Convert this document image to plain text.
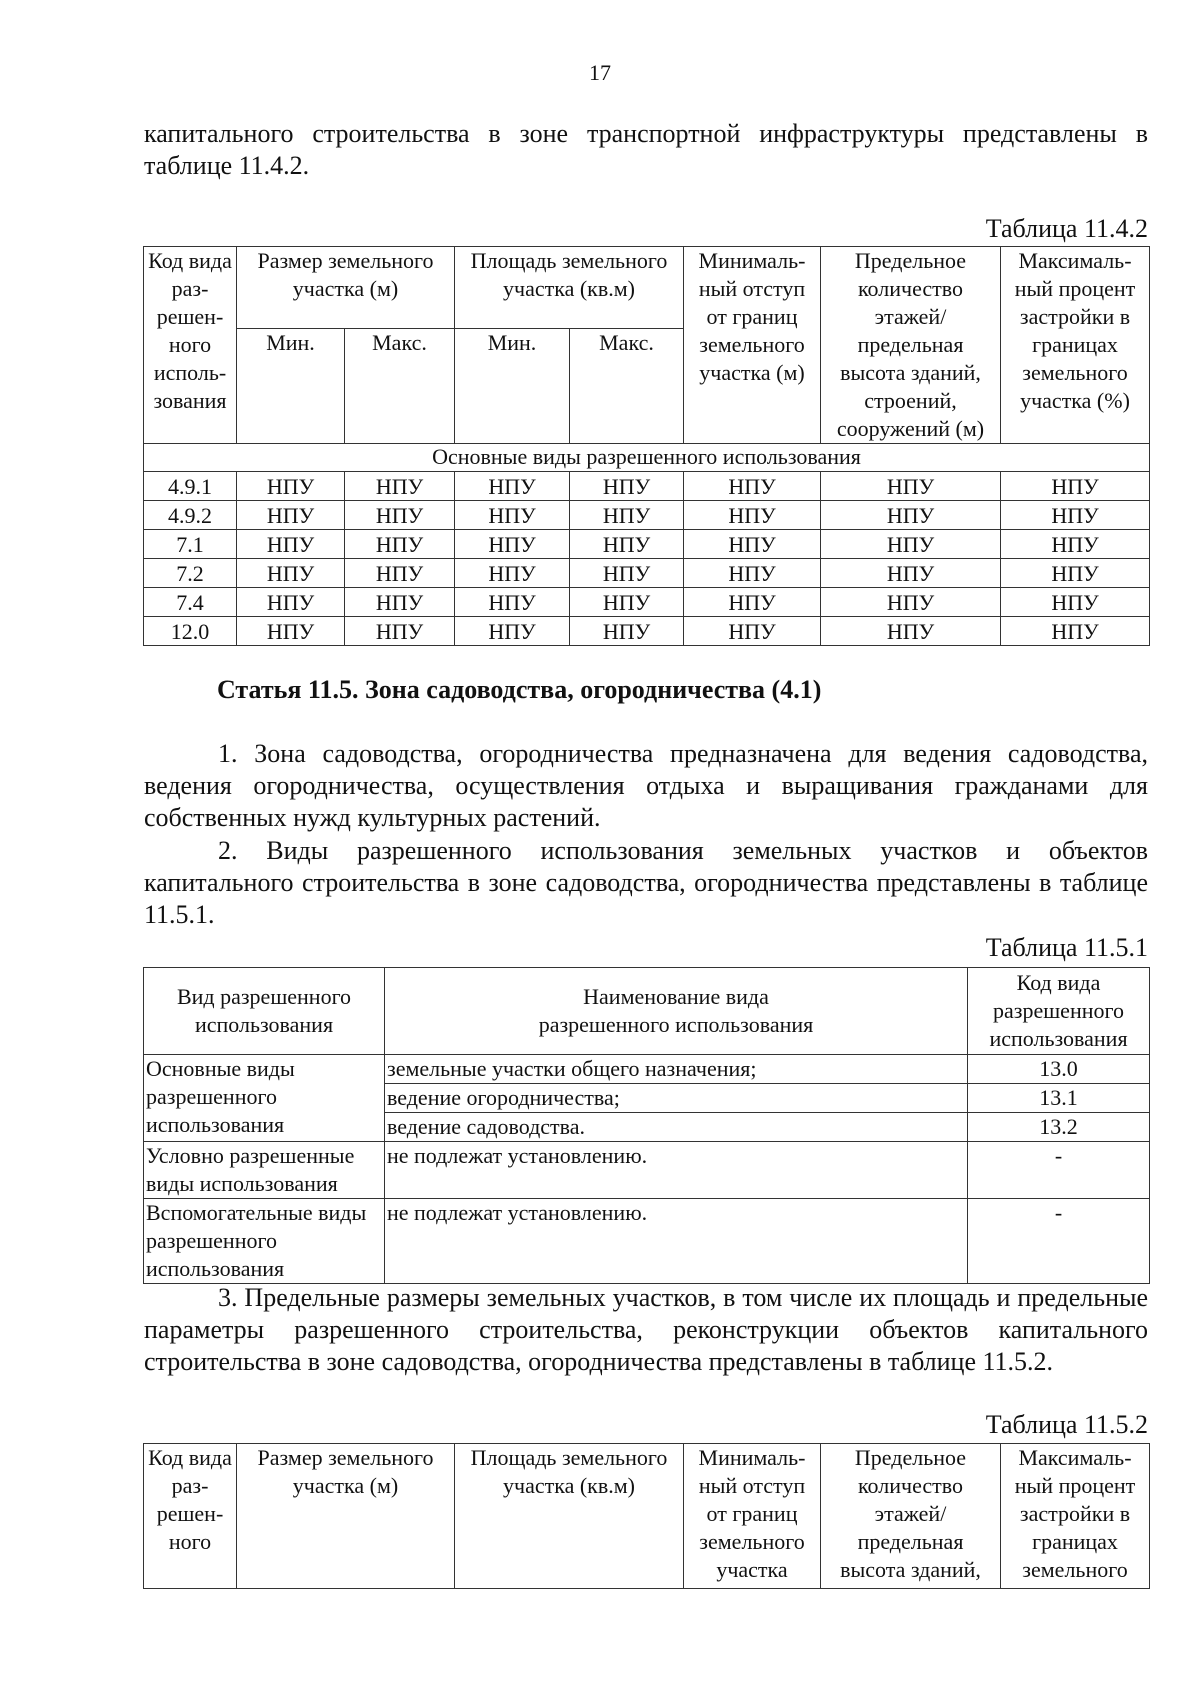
17

капитального строительства в зоне транспортной инфраструктуры представлены в таблице 11.4.2.

Таблица 11.4.2
Код вида раз-решен-ного исполь-зования	Размер земельного участка (м)		Площадь земельного участка (кв.м)		Минималь-ный отступ от границ земельного участка (м)	Предельное количество этажей/ предельная высота зданий, строений, сооружений (м)	Максималь-ный процент застройки в границах земельного участка (%)
	Мин.	Макс.	Мин.	Макс.			
Основные виды разрешенного использования							
4.9.1	НПУ	НПУ	НПУ	НПУ	НПУ	НПУ	НПУ
4.9.2	НПУ	НПУ	НПУ	НПУ	НПУ	НПУ	НПУ
7.1	НПУ	НПУ	НПУ	НПУ	НПУ	НПУ	НПУ
7.2	НПУ	НПУ	НПУ	НПУ	НПУ	НПУ	НПУ
7.4	НПУ	НПУ	НПУ	НПУ	НПУ	НПУ	НПУ
12.0	НПУ	НПУ	НПУ	НПУ	НПУ	НПУ	НПУ
Статья 11.5. Зона садоводства, огородничества (4.1)

1. Зона садоводства, огородничества предназначена для ведения садоводства, ведения огородничества, осуществления отдыха и выращивания гражданами для собственных нужд культурных растений.

2. Виды разрешенного использования земельных участков и объектов капитального строительства в зоне садоводства, огородничества представлены в таблице 11.5.1.

Таблица 11.5.1
Вид разрешенного использования	Наименование вида разрешенного использования	Код вида разрешенного использования
Основные виды разрешенного использования	земельные участки общего назначения;	13.0
	ведение огородничества;	13.1
	ведение садоводства.	13.2
Условно разрешенные виды использования	не подлежат установлению.	-
Вспомогательные виды разрешенного использования	не подлежат установлению.	-

3. Предельные размеры земельных участков, в том числе их площадь и предельные параметры разрешенного строительства, реконструкции объектов капитального строительства в зоне садоводства, огородничества представлены в таблице 11.5.2.

Таблица 11.5.2
Код вида раз-решен-ного	Размер земельного участка (м)	Площадь земельного участка (кв.м)	Минималь-ный отступ от границ земельного участка	Предельное количество этажей/ предельная высота зданий,	Максималь-ный процент застройки в границах земельного
